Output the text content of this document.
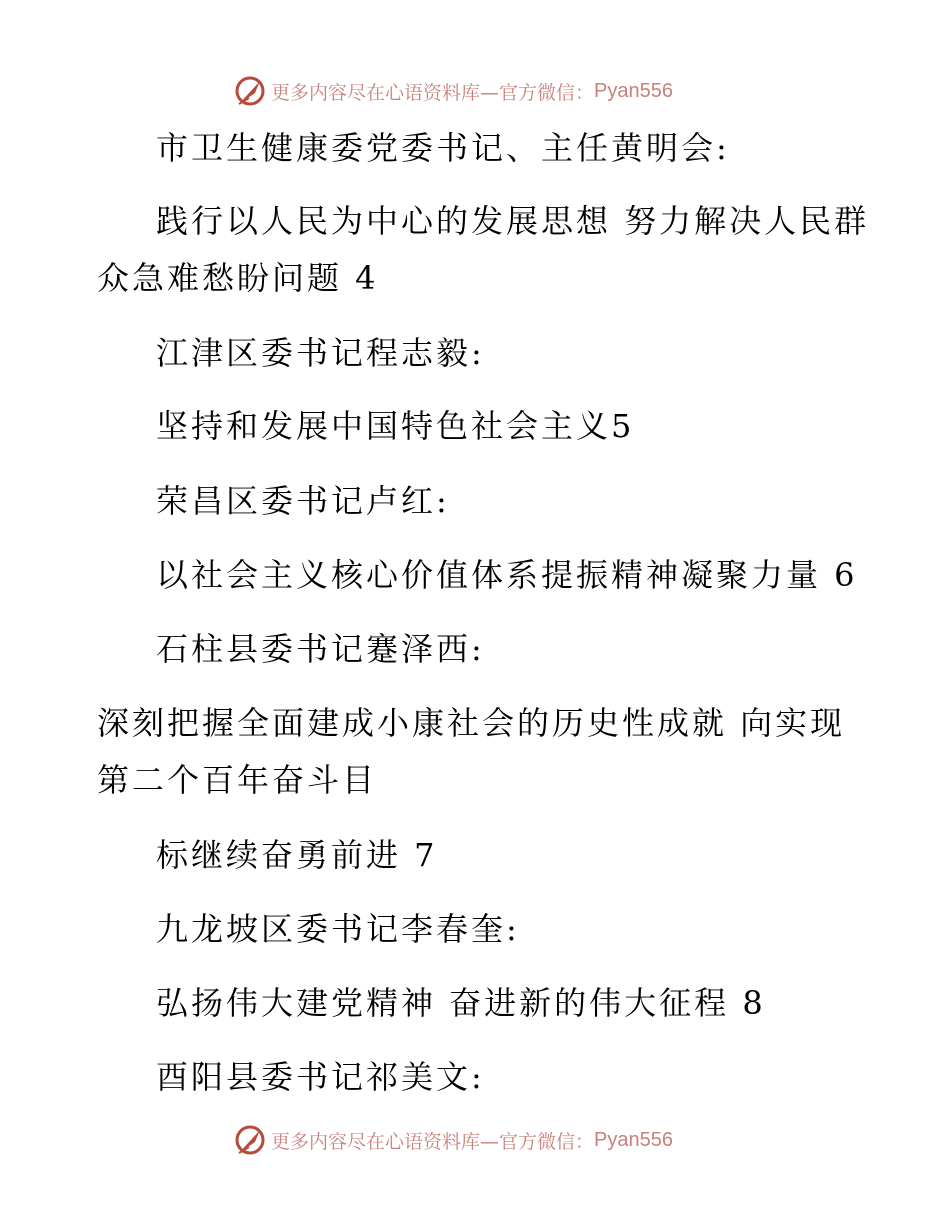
更多内容尽在心语资料库—官方微信： Pyan556
市卫生健康委党委书记、主任黄明会:
践行以人民为中心的发展思想 努力解决人民群
众急难愁盼问题 4
江津区委书记程志毅:
坚持和发展中国特色社会主义5
荣昌区委书记卢红:
以社会主义核心价值体系提振精神凝聚力量 6
石柱县委书记蹇泽西:
深刻把握全面建成小康社会的历史性成就 向实现
第二个百年奋斗目
标继续奋勇前进 7
九龙坡区委书记李春奎:
弘扬伟大建党精神 奋进新的伟大征程 8
酉阳县委书记祁美文:
更多内容尽在心语资料库—官方微信： Pyan556
